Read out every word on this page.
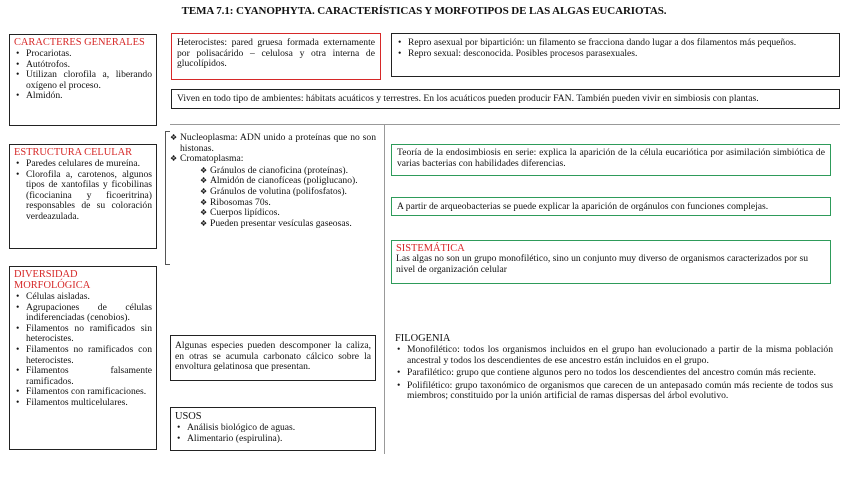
TEMA 7.1: CYANOPHYTA. CARACTERÍSTICAS Y MORFOTIPOS DE LAS ALGAS EUCARIOTAS.
CARACTERES GENERALES
• Procariotas.
• Autótrofos.
• Utilizan clorofila a, liberando oxígeno el proceso.
• Almidón.
Heterocistes: pared gruesa formada externamente por polisacárido – celulosa y otra interna de glucolípidos.
• Repro asexual por bipartición: un filamento se fracciona dando lugar a dos filamentos más pequeños.
• Repro sexual: desconocida. Posibles procesos parasexuales.
Viven en todo tipo de ambientes: hábitats acuáticos y terrestres. En los acuáticos pueden producir FAN. También pueden vivir en simbiosis con plantas.
ESTRUCTURA CELULAR
• Paredes celulares de mureína.
• Clorofila a, carotenos, algunos tipos de xantofilas y ficobilinas (ficocianina y ficoeritrina) responsables de su coloración verdeazulada.
❖ Nucleoplasma: ADN unido a proteínas que no son histonas.
❖ Cromatoplasma:
❖ Gránulos de cianoficina (proteínas).
❖ Almidón de cianofíceas (poliglucano).
❖ Gránulos de volutina (polifosfatos).
❖ Ribosomas 70s.
❖ Cuerpos lipídicos.
❖ Pueden presentar vesículas gaseosas.
Teoría de la endosimbiosis en serie: explica la aparición de la célula eucariótica por asimilación simbiótica de varias bacterias con habilidades diferencias.
A partir de arqueobacterias se puede explicar la aparición de orgánulos con funciones complejas.
SISTEMÁTICA
Las algas no son un grupo monofilético, sino un conjunto muy diverso de organismos caracterizados por su nivel de organización celular
DIVERSIDAD MORFOLÓGICA
• Células aisladas.
• Agrupaciones de células indiferenciadas (cenobios).
• Filamentos no ramificados sin heterocistes.
• Filamentos no ramificados con heterocistes.
• Filamentos falsamente ramificados.
• Filamentos con ramificaciones.
• Filamentos multicelulares.
Algunas especies pueden descomponer la caliza, en otras se acumula carbonato cálcico sobre la envoltura gelatinosa que presentan.
USOS
• Análisis biológico de aguas.
• Alimentario (espirulina).
FILOGENIA
• Monofilético: todos los organismos incluidos en el grupo han evolucionado a partir de la misma población ancestral y todos los descendientes de ese ancestro están incluidos en el grupo.
• Parafilético: grupo que contiene algunos pero no todos los descendientes del ancestro común más reciente.
• Polifilético: grupo taxonómico de organismos que carecen de un antepasado común más reciente de todos sus miembros; constituido por la unión artificial de ramas dispersas del árbol evolutivo.
